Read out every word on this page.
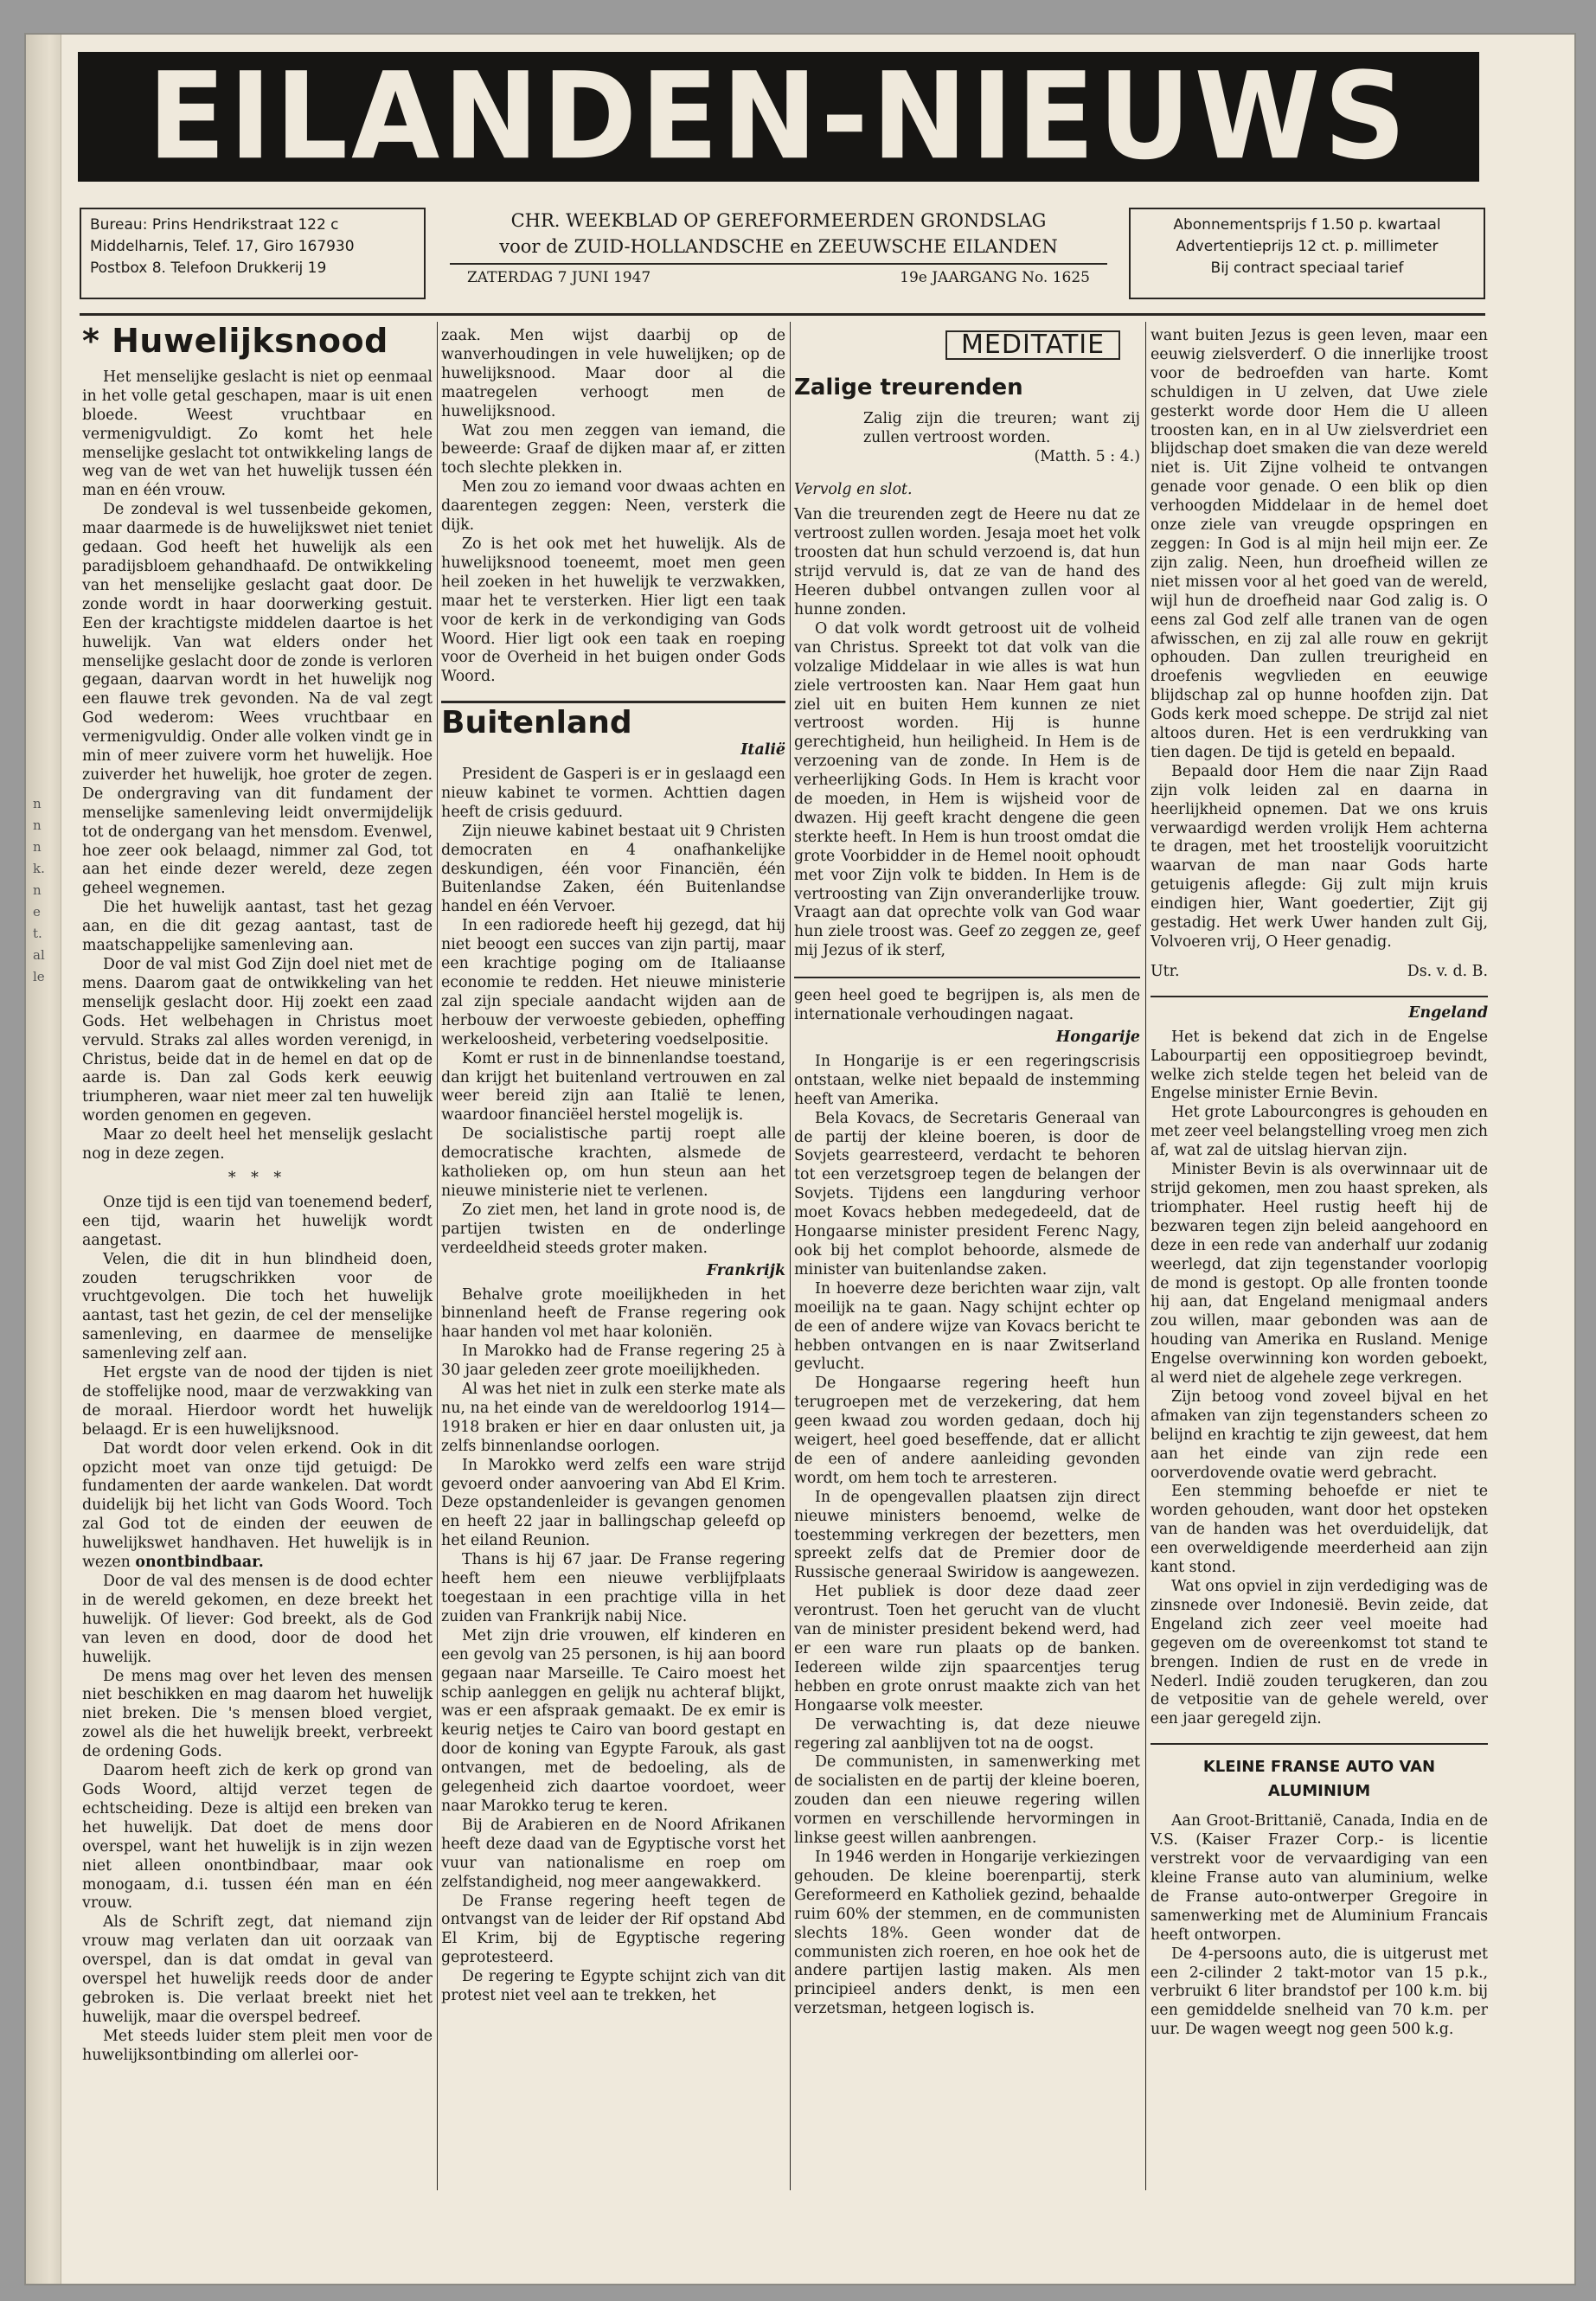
n
n
n
k.
n
e
t.
al
le
EILANDEN-NIEUWS
Bureau: Prins Hendrikstraat 122 c
Middelharnis, Telef. 17, Giro 167930
Postbox 8. Telefoon Drukkerij 19
CHR. WEEKBLAD OP GEREFORMEERDEN GRONDSLAG
voor de ZUID-HOLLANDSCHE en ZEEUWSCHE EILANDEN
ZATERDAG 7 JUNI 1947	19e JAARGANG No. 1625
Abonnementsprijs f 1.50 p. kwartaal
Advertentieprijs 12 ct. p. millimeter
Bij contract speciaal tarief
* Huwelijksnood

Het menselijke geslacht is niet op eenmaal in het volle getal geschapen, maar is uit enen bloede. Weest vruchtbaar en vermenigvuldigt. Zo komt het hele menselijke geslacht tot ontwikkeling langs de weg van de wet van het huwelijk tussen één man en één vrouw.

De zondeval is wel tussenbeide gekomen, maar daarmede is de huwelijkswet niet teniet gedaan. God heeft het huwelijk als een paradijsbloem gehandhaafd. De ontwikkeling van het menselijke geslacht gaat door. De zonde wordt in haar doorwerking gestuit. Een der krachtigste middelen daartoe is het huwelijk. Van wat elders onder het menselijke geslacht door de zonde is verloren gegaan, daarvan wordt in het huwelijk nog een flauwe trek gevonden. Na de val zegt God wederom: Wees vruchtbaar en vermenigvuldig. Onder alle volken vindt ge in min of meer zuivere vorm het huwelijk. Hoe zuiverder het huwelijk, hoe groter de zegen. De ondergraving van dit fundament der menselijke samenleving leidt onvermijdelijk tot de ondergang van het mensdom. Evenwel, hoe zeer ook belaagd, nimmer zal God, tot aan het einde dezer wereld, deze zegen geheel wegnemen.

Die het huwelijk aantast, tast het gezag aan, en die dit gezag aantast, tast de maatschappelijke samenleving aan.

Door de val mist God Zijn doel niet met de mens. Daarom gaat de ontwikkeling van het menselijk geslacht door. Hij zoekt een zaad Gods. Het welbehagen in Christus moet vervuld. Straks zal alles worden verenigd, in Christus, beide dat in de hemel en dat op de aarde is. Dan zal Gods kerk eeuwig triumpheren, waar niet meer zal ten huwelijk worden genomen en gegeven.

Maar zo deelt heel het menselijk geslacht nog in deze zegen.

* * *

Onze tijd is een tijd van toenemend bederf, een tijd, waarin het huwelijk wordt aangetast.

Velen, die dit in hun blindheid doen, zouden terugschrikken voor de vruchtgevolgen. Die toch het huwelijk aantast, tast het gezin, de cel der menselijke samenleving, en daarmee de menselijke samenleving zelf aan.

Het ergste van de nood der tijden is niet de stoffelijke nood, maar de verzwakking van de moraal. Hierdoor wordt het huwelijk belaagd. Er is een huwelijksnood.

Dat wordt door velen erkend. Ook in dit opzicht moet van onze tijd getuigd: De fundamenten der aarde wankelen. Dat wordt duidelijk bij het licht van Gods Woord. Toch zal God tot de einden der eeuwen de huwelijkswet handhaven. Het huwelijk is in wezen onontbindbaar.

Door de val des mensen is de dood echter in de wereld gekomen, en deze breekt het huwelijk. Of liever: God breekt, als de God van leven en dood, door de dood het huwelijk.

De mens mag over het leven des mensen niet beschikken en mag daarom het huwelijk niet breken. Die 's mensen bloed vergiet, zowel als die het huwelijk breekt, verbreekt de ordening Gods.

Daarom heeft zich de kerk op grond van Gods Woord, altijd verzet tegen de echtscheiding. Deze is altijd een breken van het huwelijk. Dat doet de mens door overspel, want het huwelijk is in zijn wezen niet alleen onontbindbaar, maar ook monogaam, d.i. tussen één man en één vrouw.

Als de Schrift zegt, dat niemand zijn vrouw mag verlaten dan uit oorzaak van overspel, dan is dat omdat in geval van overspel het huwelijk reeds door de ander gebroken is. Die verlaat breekt niet het huwelijk, maar die overspel bedreef.

Met steeds luider stem pleit men voor de huwelijksontbinding om allerlei oor-

zaak. Men wijst daarbij op de wanverhoudingen in vele huwelijken; op de huwelijksnood. Maar door al die maatregelen verhoogt men de huwelijksnood.

Wat zou men zeggen van iemand, die beweerde: Graaf de dijken maar af, er zitten toch slechte plekken in.

Men zou zo iemand voor dwaas achten en daarentegen zeggen: Neen, versterk die dijk.

Zo is het ook met het huwelijk. Als de huwelijksnood toeneemt, moet men geen heil zoeken in het huwelijk te verzwakken, maar het te versterken. Hier ligt een taak voor de kerk in de verkondiging van Gods Woord. Hier ligt ook een taak en roeping voor de Overheid in het buigen onder Gods Woord.

Buitenland
Italië

President de Gasperi is er in geslaagd een nieuw kabinet te vormen. Achttien dagen heeft de crisis geduurd.

Zijn nieuwe kabinet bestaat uit 9 Christen democraten en 4 onafhankelijke deskundigen, één voor Financiën, één Buitenlandse Zaken, één Buitenlandse handel en één Vervoer.

In een radiorede heeft hij gezegd, dat hij niet beoogt een succes van zijn partij, maar een krachtige poging om de Italiaanse economie te redden. Het nieuwe ministerie zal zijn speciale aandacht wijden aan de herbouw der verwoeste gebieden, opheffing werkeloosheid, verbetering voedselpositie.

Komt er rust in de binnenlandse toestand, dan krijgt het buitenland vertrouwen en zal weer bereid zijn aan Italië te lenen, waardoor financiëel herstel mogelijk is.

De socialistische partij roept alle democratische krachten, alsmede de katholieken op, om hun steun aan het nieuwe ministerie niet te verlenen.

Zo ziet men, het land in grote nood is, de partijen twisten en de onderlinge verdeeldheid steeds groter maken.

Frankrijk

Behalve grote moeilijkheden in het binnenland heeft de Franse regering ook haar handen vol met haar koloniën.

In Marokko had de Franse regering 25 à 30 jaar geleden zeer grote moeilijkheden.

Al was het niet in zulk een sterke mate als nu, na het einde van de wereldoorlog 1914—1918 braken er hier en daar onlusten uit, ja zelfs binnenlandse oorlogen.

In Marokko werd zelfs een ware strijd gevoerd onder aanvoering van Abd El Krim. Deze opstandenleider is gevangen genomen en heeft 22 jaar in ballingschap geleefd op het eiland Reunion.

Thans is hij 67 jaar. De Franse regering heeft hem een nieuwe verblijfplaats toegestaan in een prachtige villa in het zuiden van Frankrijk nabij Nice.

Met zijn drie vrouwen, elf kinderen en een gevolg van 25 personen, is hij aan boord gegaan naar Marseille. Te Cairo moest het schip aanleggen en gelijk nu achteraf blijkt, was er een afspraak gemaakt. De ex emir is keurig netjes te Cairo van boord gestapt en door de koning van Egypte Farouk, als gast ontvangen, met de bedoeling, als de gelegenheid zich daartoe voordoet, weer naar Marokko terug te keren.

Bij de Arabieren en de Noord Afrikanen heeft deze daad van de Egyptische vorst het vuur van nationalisme en roep om zelfstandigheid, nog meer aangewakkerd.

De Franse regering heeft tegen de ontvangst van de leider der Rif opstand Abd El Krim, bij de Egyptische regering geprotesteerd.

De regering te Egypte schijnt zich van dit protest niet veel aan te trekken, het

MEDITATIE
Zalige treurenden

Zalig zijn die treuren; want zij zullen vertroost worden.

(Matth. 5 : 4.)
Vervolg en slot.

Van die treurenden zegt de Heere nu dat ze vertroost zullen worden. Jesaja moet het volk troosten dat hun schuld verzoend is, dat hun strijd vervuld is, dat ze van de hand des Heeren dubbel ontvangen zullen voor al hunne zonden.

O dat volk wordt getroost uit de volheid van Christus. Spreekt tot dat volk van die volzalige Middelaar in wie alles is wat hun ziele vertroosten kan. Naar Hem gaat hun ziel uit en buiten Hem kunnen ze niet vertroost worden. Hij is hunne gerechtigheid, hun heiligheid. In Hem is de verzoening van de zonde. In Hem is de verheerlijking Gods. In Hem is kracht voor de moeden, in Hem is wijsheid voor de dwazen. Hij geeft kracht dengene die geen sterkte heeft. In Hem is hun troost omdat die grote Voorbidder in de Hemel nooit ophoudt met voor Zijn volk te bidden. In Hem is de vertroosting van Zijn onveranderlijke trouw. Vraagt aan dat oprechte volk van God waar hun ziele troost was. Geef zo zeggen ze, geef mij Jezus of ik sterf,

geen heel goed te begrijpen is, als men de internationale verhoudingen nagaat.

Hongarije

In Hongarije is er een regeringscrisis ontstaan, welke niet bepaald de instemming heeft van Amerika.

Bela Kovacs, de Secretaris Generaal van de partij der kleine boeren, is door de Sovjets gearresteerd, verdacht te behoren tot een verzetsgroep tegen de belangen der Sovjets. Tijdens een langduring verhoor moet Kovacs hebben medegedeeld, dat de Hongaarse minister president Ferenc Nagy, ook bij het complot behoorde, alsmede de minister van buitenlandse zaken.

In hoeverre deze berichten waar zijn, valt moeilijk na te gaan. Nagy schijnt echter op de een of andere wijze van Kovacs bericht te hebben ontvangen en is naar Zwitserland gevlucht.

De Hongaarse regering heeft hun terugroepen met de verzekering, dat hem geen kwaad zou worden gedaan, doch hij weigert, heel goed beseffende, dat er allicht de een of andere aanleiding gevonden wordt, om hem toch te arresteren.

In de opengevallen plaatsen zijn direct nieuwe ministers benoemd, welke de toestemming verkregen der bezetters, men spreekt zelfs dat de Premier door de Russische generaal Swiridow is aangewezen.

Het publiek is door deze daad zeer verontrust. Toen het gerucht van de vlucht van de minister president bekend werd, had er een ware run plaats op de banken. Iedereen wilde zijn spaarcentjes terug hebben en grote onrust maakte zich van het Hongaarse volk meester.

De verwachting is, dat deze nieuwe regering zal aanblijven tot na de oogst.

De communisten, in samenwerking met de socialisten en de partij der kleine boeren, zouden dan een nieuwe regering willen vormen en verschillende hervormingen in linkse geest willen aanbrengen.

In 1946 werden in Hongarije verkiezingen gehouden. De kleine boerenpartij, sterk Gereformeerd en Katholiek gezind, behaalde ruim 60% der stemmen, en de communisten slechts 18%. Geen wonder dat de communisten zich roeren, en hoe ook het de andere partijen lastig maken. Als men principieel anders denkt, is men een verzetsman, hetgeen logisch is.

want buiten Jezus is geen leven, maar een eeuwig zielsverderf. O die innerlijke troost voor de bedroefden van harte. Komt schuldigen in U zelven, dat Uwe ziele gesterkt worde door Hem die U alleen troosten kan, en in al Uw zielsverdriet een blijdschap doet smaken die van deze wereld niet is. Uit Zijne volheid te ontvangen genade voor genade. O een blik op dien verhoogden Middelaar in de hemel doet onze ziele van vreugde opspringen en zeggen: In God is al mijn heil mijn eer. Ze zijn zalig. Neen, hun droefheid willen ze niet missen voor al het goed van de wereld, wijl hun de droefheid naar God zalig is. O eens zal God zelf alle tranen van de ogen afwisschen, en zij zal alle rouw en gekrijt ophouden. Dan zullen treurigheid en droefenis wegvlieden en eeuwige blijdschap zal op hunne hoofden zijn. Dat Gods kerk moed scheppe. De strijd zal niet altoos duren. Het is een verdrukking van tien dagen. De tijd is geteld en bepaald.

Bepaald door Hem die naar Zijn Raad zijn volk leiden zal en daarna in heerlijkheid opnemen. Dat we ons kruis verwaardigd werden vrolijk Hem achterna te dragen, met het troostelijk vooruitzicht waarvan de man naar Gods harte getuigenis aflegde: Gij zult mijn kruis eindigen hier, Want goedertier, Zijt gij gestadig. Het werk Uwer handen zult Gij, Volvoeren vrij, O Heer genadig.

Utr.	Ds. v. d. B.
Engeland

Het is bekend dat zich in de Engelse Labourpartij een oppositiegroep bevindt, welke zich stelde tegen het beleid van de Engelse minister Ernie Bevin.

Het grote Labourcongres is gehouden en met zeer veel belangstelling vroeg men zich af, wat zal de uitslag hiervan zijn.

Minister Bevin is als overwinnaar uit de strijd gekomen, men zou haast spreken, als triomphater. Heel rustig heeft hij de bezwaren tegen zijn beleid aangehoord en deze in een rede van anderhalf uur zodanig weerlegd, dat zijn tegenstander voorlopig de mond is gestopt. Op alle fronten toonde hij aan, dat Engeland menigmaal anders zou willen, maar gebonden was aan de houding van Amerika en Rusland. Menige Engelse overwinning kon worden geboekt, al werd niet de algehele zege verkregen.

Zijn betoog vond zoveel bijval en het afmaken van zijn tegenstanders scheen zo belijnd en krachtig te zijn geweest, dat hem aan het einde van zijn rede een oorverdovende ovatie werd gebracht.

Een stemming behoefde er niet te worden gehouden, want door het opsteken van de handen was het overduidelijk, dat een overweldigende meerderheid aan zijn kant stond.

Wat ons opviel in zijn verdediging was de zinsnede over Indonesië. Bevin zeide, dat Engeland zich zeer veel moeite had gegeven om de overeenkomst tot stand te brengen. Indien de rust en de vrede in Nederl. Indië zouden terugkeren, dan zou de vetpositie van de gehele wereld, over een jaar geregeld zijn.

KLEINE FRANSE AUTO VAN
ALUMINIUM

Aan Groot-Brittanië, Canada, India en de V.S. (Kaiser Frazer Corp.- is licentie verstrekt voor de vervaardiging van een kleine Franse auto van aluminium, welke de Franse auto-ontwerper Gregoire in samenwerking met de Aluminium Francais heeft ontworpen.

De 4-persoons auto, die is uitgerust met een 2-cilinder 2 takt-motor van 15 p.k., verbruikt 6 liter brandstof per 100 k.m. bij een gemiddelde snelheid van 70 k.m. per uur. De wagen weegt nog geen 500 k.g.
